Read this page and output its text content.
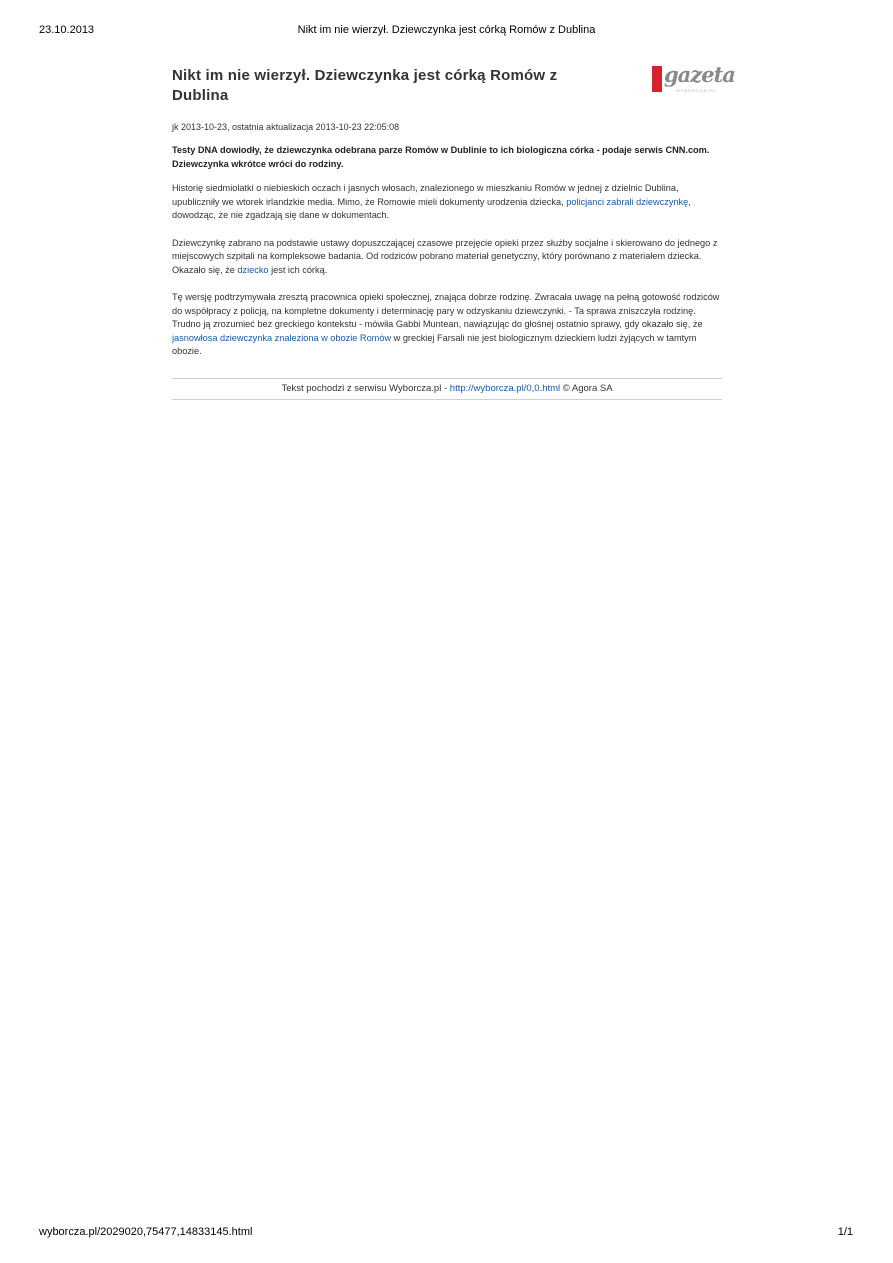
23.10.2013	Nikt im nie wierzył. Dziewczynka jest córką Romów z Dublina
Nikt im nie wierzył. Dziewczynka jest córką Romów z Dublina
gazeta
WYBORCZA.PL
jk 2013-10-23, ostatnia aktualizacja 2013-10-23 22:05:08
Testy DNA dowiodły, że dziewczynka odebrana parze Romów w Dublinie to ich biologiczna córka - podaje serwis CNN.com. Dziewczynka wkrótce wróci do rodziny.

Historię siedmiolatki o niebieskich oczach i jasnych włosach, znalezionego w mieszkaniu Romów w jednej z dzielnic Dublina, upubliczniły we wtorek irlandzkie media. Mimo, że Romowie mieli dokumenty urodzenia dziecka, policjanci zabrali dziewczynkę, dowodząc, że nie zgadzają się dane w dokumentach.

Dziewczynkę zabrano na podstawie ustawy dopuszczającej czasowe przejęcie opieki przez służby socjalne i skierowano do jednego z miejscowych szpitali na kompleksowe badania. Od rodziców pobrano materiał genetyczny, który porównano z materiałem dziecka. Okazało się, że dziecko jest ich córką.

Tę wersję podtrzymywała zresztą pracownica opieki społecznej, znająca dobrze rodzinę. Zwracała uwagę na pełną gotowość rodziców do współpracy z policją, na kompletne dokumenty i determinację pary w odzyskaniu dziewczynki. - Ta sprawa zniszczyła rodzinę. Trudno ją zrozumieć bez greckiego kontekstu - mówiła Gabbi Muntean, nawiązując do głośnej ostatnio sprawy, gdy okazało się, że jasnowłosa dziewczynka znaleziona w obozie Romów w greckiej Farsali nie jest biologicznym dzieckiem ludzi żyjących w tamtym obozie.

Tekst pochodzi z serwisu Wyborcza.pl - http://wyborcza.pl/0,0.html © Agora SA
wyborcza.pl/2029020,75477,14833145.html	1/1
